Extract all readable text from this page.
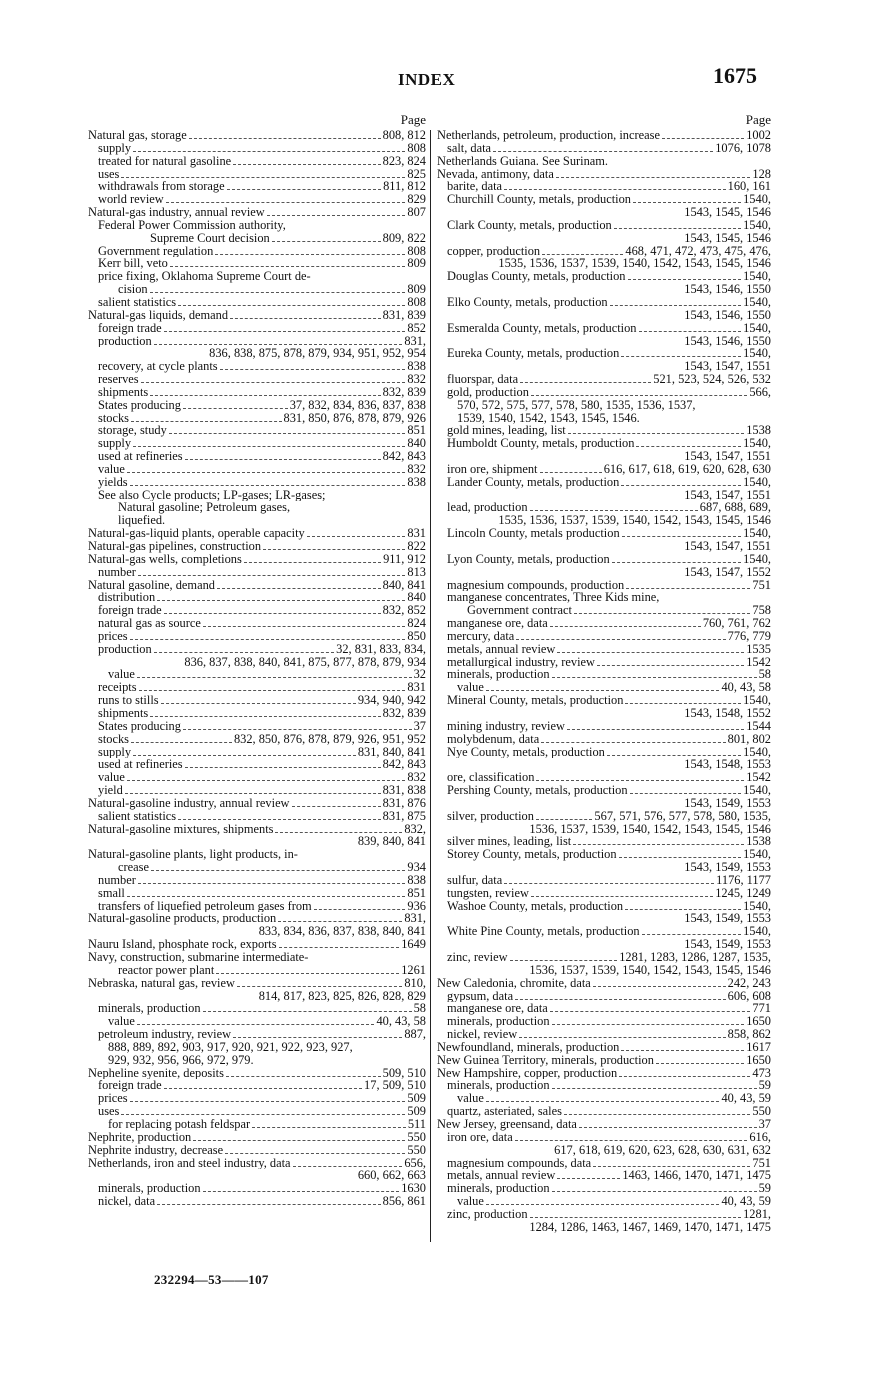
INDEX	1675
Page
Natural gas, storage	808, 812
supply	808
treated for natural gasoline	823, 824
uses	825
withdrawals from storage	811, 812
world review	829
Natural-gas industry, annual review	807
Federal Power Commission authority,
Supreme Court decision	809, 822
Government regulation	808
Kerr bill, veto	809
price fixing, Oklahoma Supreme Court de-
cision	809
salient statistics	808
Natural-gas liquids, demand	831, 839
foreign trade	852
production	831,
836, 838, 875, 878, 879, 934, 951, 952, 954
recovery, at cycle plants	838
reserves	832
shipments	832, 839
States producing	37, 832, 834, 836, 837, 838
stocks	831, 850, 876, 878, 879, 926
storage, study	851
supply	840
used at refineries	842, 843
value	832
yields	838
See also Cycle products; LP-gases; LR-gases;
Natural gasoline; Petroleum gases,
liquefied.
Natural-gas-liquid plants, operable capacity	831
Natural-gas pipelines, construction	822
Natural-gas wells, completions	911, 912
number	813
Natural gasoline, demand	840, 841
distribution	840
foreign trade	832, 852
natural gas as source	824
prices	850
production	32, 831, 833, 834,
836, 837, 838, 840, 841, 875, 877, 878, 879, 934
value	32
receipts	831
runs to stills	934, 940, 942
shipments	832, 839
States producing	37
stocks	832, 850, 876, 878, 879, 926, 951, 952
supply	831, 840, 841
used at refineries	842, 843
value	832
yield	831, 838
Natural-gasoline industry, annual review	831, 876
salient statistics	831, 875
Natural-gasoline mixtures, shipments	832,
839, 840, 841
Natural-gasoline plants, light products, in-
crease	934
number	838
small	851
transfers of liquefied petroleum gases from	936
Natural-gasoline products, production	831,
833, 834, 836, 837, 838, 840, 841
Nauru Island, phosphate rock, exports	1649
Navy, construction, submarine intermediate-
reactor power plant	1261
Nebraska, natural gas, review	810,
814, 817, 823, 825, 826, 828, 829
minerals, production	58
value	40, 43, 58
petroleum industry, review	887,
888, 889, 892, 903, 917, 920, 921, 922, 923, 927,
929, 932, 956, 966, 972, 979.
Nepheline syenite, deposits	509, 510
foreign trade	17, 509, 510
prices	509
uses	509
for replacing potash feldspar	511
Nephrite, production	550
Nephrite industry, decrease	550
Netherlands, iron and steel industry, data	656,
660, 662, 663
minerals, production	1630
nickel, data	856, 861
Page
Netherlands, petroleum, production, increase	1002
salt, data	1076, 1078
Netherlands Guiana. See Surinam.
Nevada, antimony, data	128
barite, data	160, 161
Churchill County, metals, production	1540,
1543, 1545, 1546
Clark County, metals, production	1540,
1543, 1545, 1546
copper, production	468, 471, 472, 473, 475, 476,
1535, 1536, 1537, 1539, 1540, 1542, 1543, 1545, 1546
Douglas County, metals, production	1540,
1543, 1546, 1550
Elko County, metals, production	1540,
1543, 1546, 1550
Esmeralda County, metals, production	1540,
1543, 1546, 1550
Eureka County, metals, production	1540,
1543, 1547, 1551
fluorspar, data	521, 523, 524, 526, 532
gold, production	566,
570, 572, 575, 577, 578, 580, 1535, 1536, 1537,
1539, 1540, 1542, 1543, 1545, 1546.
gold mines, leading, list	1538
Humboldt County, metals, production	1540,
1543, 1547, 1551
iron ore, shipment	616, 617, 618, 619, 620, 628, 630
Lander County, metals, production	1540,
1543, 1547, 1551
lead, production	687, 688, 689,
1535, 1536, 1537, 1539, 1540, 1542, 1543, 1545, 1546
Lincoln County, metals production	1540,
1543, 1547, 1551
Lyon County, metals, production	1540,
1543, 1547, 1552
magnesium compounds, production	751
manganese concentrates, Three Kids mine,
Government contract	758
manganese ore, data	760, 761, 762
mercury, data	776, 779
metals, annual review	1535
metallurgical industry, review	1542
minerals, production	58
value	40, 43, 58
Mineral County, metals, production	1540,
1543, 1548, 1552
mining industry, review	1544
molybdenum, data	801, 802
Nye County, metals, production	1540,
1543, 1548, 1553
ore, classification	1542
Pershing County, metals, production	1540,
1543, 1549, 1553
silver, production	567, 571, 576, 577, 578, 580, 1535,
1536, 1537, 1539, 1540, 1542, 1543, 1545, 1546
silver mines, leading, list	1538
Storey County, metals, production	1540,
1543, 1549, 1553
sulfur, data	1176, 1177
tungsten, review	1245, 1249
Washoe County, metals, production	1540,
1543, 1549, 1553
White Pine County, metals, production	1540,
1543, 1549, 1553
zinc, review	1281, 1283, 1286, 1287, 1535,
1536, 1537, 1539, 1540, 1542, 1543, 1545, 1546
New Caledonia, chromite, data	242, 243
gypsum, data	606, 608
manganese ore, data	771
minerals, production	1650
nickel, review	858, 862
Newfoundland, minerals, production	1617
New Guinea Territory, minerals, production	1650
New Hampshire, copper, production	473
minerals, production	59
value	40, 43, 59
quartz, asteriated, sales	550
New Jersey, greensand, data	37
iron ore, data	616,
617, 618, 619, 620, 623, 628, 630, 631, 632
magnesium compounds, data	751
metals, annual review	1463, 1466, 1470, 1471, 1475
minerals, production	59
value	40, 43, 59
zinc, production	1281,
1284, 1286, 1463, 1467, 1469, 1470, 1471, 1475
232294—53——107
